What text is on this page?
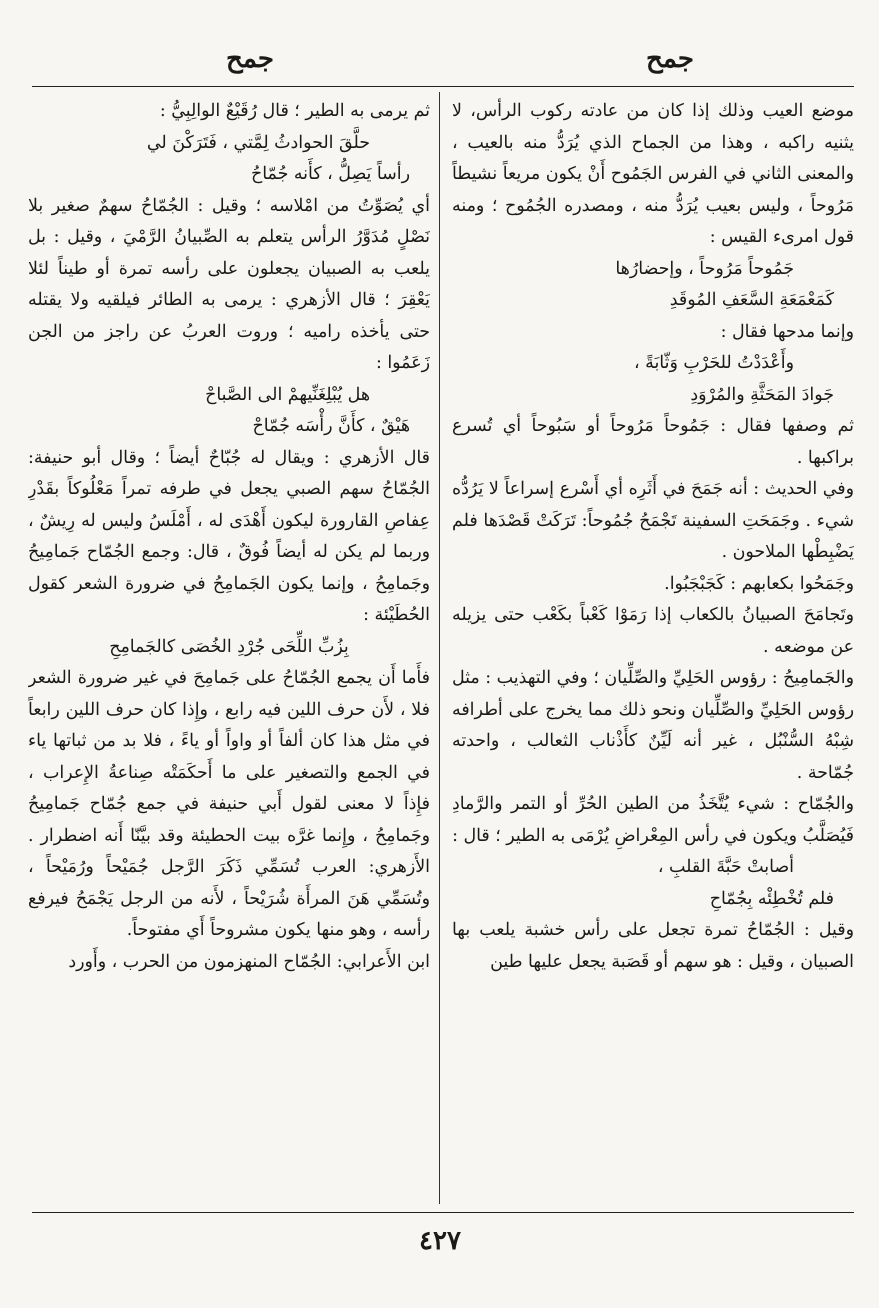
جمح
جمح

موضع العيب وذلك إذا كان من عادته ركوب الرأس، لا يثنيه راكبه ، وهذا من الجماح الذي يُرَدُّ منه بالعيب ، والمعنى الثاني في الفرس الجَمُوح أَنْ يكون مريعاً نشيطاً مَرُوحاً ، وليس بعيب يُرَدُّ منه ، ومصدره الجُمُوح ؛ ومنه قول امرىء القيس :

جَمُوحاً مَرُوحاً ، وإحضارُها

كَمَعْمَعَةِ السَّعَفِ المُوقَدِ

وإنما مدحها فقال :

وأَعْدَدْتُ للحَرْبِ وَثّابَةً ،

جَوادَ المَحَثَّةِ والمُرْوَدِ

ثم وصفها فقال : جَمُوحاً مَرُوحاً أو سَبُوحاً أي تُسرع براكبها .

وفي الحديث : أنه جَمَحَ في أَثَرِه أي أَسْرع إسراعاً لا يَرُدُّه شيء . وجَمَحَتِ السفينة تَجْمَحُ جُمُوحاً: تَرَكَتْ قَصْدَها فلم يَضْبِطْها الملاحون .

وجَمَحُوا بكعابهم : كَجَبْجَبُوا.

وتَجامَحَ الصبيانُ بالكعاب إذا رَمَوْا كَعْباً بكَعْب حتى يزيله عن موضعه .

والجَمامِيحُ : رؤوس الحَلِيِّ والصِّلِّيان ؛ وفي التهذيب : مثل رؤوس الحَلِيِّ والصِّلِّيان ونحو ذلك مما يخرج على أطرافه شِبْهُ السُّنْبُل ، غير أنه لَيِّنٌ كأَذْناب الثعالب ، واحدته جُمّاحة .

والجُمّاح : شيء يُتَّخَذُ من الطين الحُرِّ أو التمر والرَّمادِ فَيُصَلَّبُ ويكون في رأس المِعْراضِ يُرْمَى به الطير ؛ قال :

أصابتْ حَبَّةَ القلبِ ،

فلم تُخْطِئْه بِجُمّاحِ

وقيل : الجُمّاحُ تمرة تجعل على رأس خشبة يلعب بها الصبيان ، وقيل : هو سهم أو قَصَبة يجعل عليها طين

ثم يرمى به الطير ؛ قال رُقَيْعٌ الوالِبِيُّ :

حلَّقَ الحوادثُ لِمَّتي ، فَتَرَكْنَ لي

رأساً يَصِلُّ ، كأَنه جُمّاحُ

أي يُصَوِّتُ من امْلاسه ؛ وقيل : الجُمّاحُ سهمٌ صغير بلا نَصْلٍ مُدَوَّرُ الرأس يتعلم به الصِّبيانُ الرَّمْيَ ، وقيل : بل يلعب به الصبيان يجعلون على رأسه تمرة أو طيناً لئلا يَعْقِرَ ؛ قال الأزهري : يرمى به الطائر فيلقيه ولا يقتله حتى يأخذه راميه ؛ وروت العربُ عن راجز من الجن زَعَمُوا :

هل يُبْلِغَنِّيهمْ الى الصَّباحْ

هَيْقٌ ، كأَنَّ رأْسَه جُمّاحْ

قال الأزهري : ويقال له جُبّاحٌ أيضاً ؛ وقال أبو حنيفة: الجُمّاحُ سهم الصبي يجعل في طرفه تمراً مَعْلُوكاً بقَدْرِ عِفاصِ القارورة ليكون أَهْدَى له ، أَمْلَسُ وليس له رِيشٌ ، وربما لم يكن له أيضاً فُوقٌ ، قال: وجمع الجُمّاح جَمامِيحُ وجَمامِحُ ، وإنما يكون الجَمامِحُ في ضرورة الشعر كقول الحُطَيْئة :

بِزُبِّ اللِّحَى جُرْدِ الخُصَى كالجَمامِحِ

فأَما أَن يجمع الجُمّاحُ على جَمامِحَ في غير ضرورة الشعر فلا ، لأَن حرف اللين فيه رابع ، وإِذا كان حرف اللين رابعاً في مثل هذا كان ألفاً أو واواً أو ياءً ، فلا بد من ثباتها ياء في الجمع والتصغير على ما أَحكَمَتْه صِناعةُ الإِعراب ، فإِذاً لا معنى لقول أَبي حنيفة في جمع جُمّاح جَمامِيحُ وجَمامِحُ ، وإِنما غرَّه بيت الحطيئة وقد بيَّنّا أَنه اضطرار . الأَزهري: العرب تُسَمِّي ذَكَرَ الرَّجل جُمَيْحاً ورُمَيْحاً ، وتُسَمِّي هَنَ المرأَة شُرَيْحاً ، لأَنه من الرجل يَجْمَحُ فيرفع رأسه ، وهو منها يكون مشروحاً أَي مفتوحاً.

ابن الأَعرابي: الجُمّاح المنهزمون من الحرب ، وأَورد

٤٢٧
